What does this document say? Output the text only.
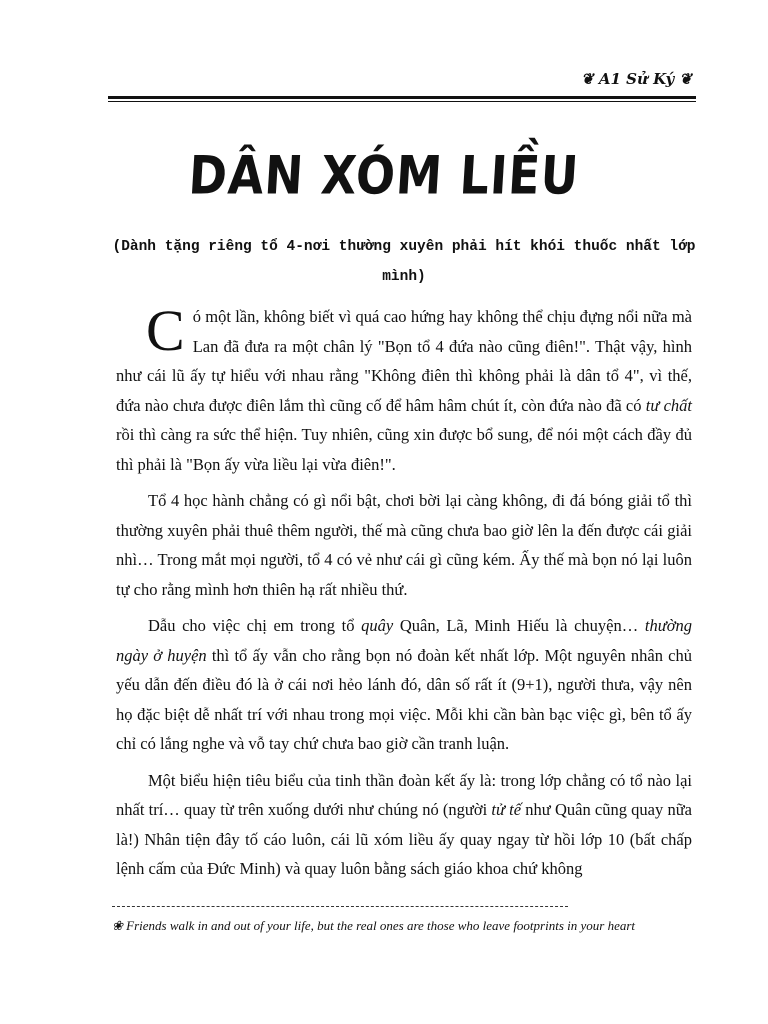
❦ A1 Sử Ký ❦
DÂN XÓM LIỀU
(Dành tặng riêng tổ 4-nơi thường xuyên phải hít khói thuốc nhất lớp mình)

Có một lần, không biết vì quá cao hứng hay không thể chịu đựng nổi nữa mà Lan đã đưa ra một chân lý "Bọn tổ 4 đứa nào cũng điên!". Thật vậy, hình như cái lũ ấy tự hiểu với nhau rằng "Không điên thì không phải là dân tổ 4", vì thế, đứa nào chưa được điên lắm thì cũng cố để hâm hâm chút ít, còn đứa nào đã có tư chất rồi thì càng ra sức thể hiện. Tuy nhiên, cũng xin được bổ sung, để nói một cách đầy đủ thì phải là "Bọn ấy vừa liều lại vừa điên!".

Tổ 4 học hành chẳng có gì nổi bật, chơi bời lại càng không, đi đá bóng giải tổ thì thường xuyên phải thuê thêm người, thế mà cũng chưa bao giờ lên la đến được cái giải nhì… Trong mắt mọi người, tổ 4 có vẻ như cái gì cũng kém. Ấy thế mà bọn nó lại luôn tự cho rằng mình hơn thiên hạ rất nhiều thứ.

Dẫu cho việc chị em trong tổ quây Quân, Lã, Minh Hiếu là chuyện… thường ngày ở huyện thì tổ ấy vẫn cho rằng bọn nó đoàn kết nhất lớp. Một nguyên nhân chủ yếu dẫn đến điều đó là ở cái nơi hẻo lánh đó, dân số rất ít (9+1), người thưa, vậy nên họ đặc biệt dễ nhất trí với nhau trong mọi việc. Mỗi khi cần bàn bạc việc gì, bên tổ ấy chỉ có lắng nghe và vỗ tay chứ chưa bao giờ cần tranh luận.

Một biểu hiện tiêu biểu của tinh thần đoàn kết ấy là: trong lớp chẳng có tổ nào lại nhất trí… quay từ trên xuống dưới như chúng nó (người tử tế như Quân cũng quay nữa là!) Nhân tiện đây tố cáo luôn, cái lũ xóm liều ấy quay ngay từ hồi lớp 10 (bất chấp lệnh cấm của Đức Minh) và quay luôn bằng sách giáo khoa chứ không

❀ Friends walk in and out of your life, but the real ones are those who leave footprints in your heart
